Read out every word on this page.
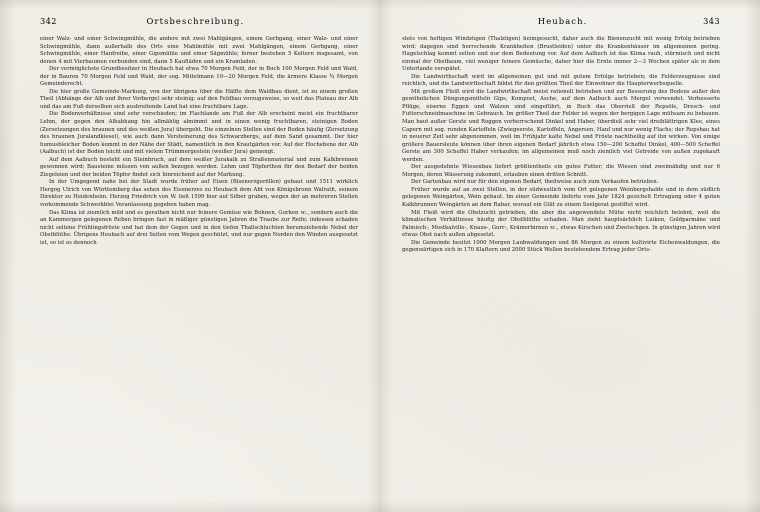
342	Ortsbeschreibung.

einer Walz- und einer Schwingmühle, die andere mit zwei Mahlgängen, einem Gerbgang, einer Walz- und einer Schwingmühle, dann außerhalb des Orts eine Mahlmühle mit zwei Mahlgängen, einem Gerbgang, einer Schwingmühle, einer Hanfreibe, einer Gipsmühle und einer Sägmühle; ferner bestehen 5 Keltern insgesamt, von denen 4 mit Vierbaumen verbunden sind, dann 5 Kaufläden und ein Kramladen.

Der vermöglichste Grundbesitzer in Heubach hat etwa 70 Morgen Feld, der in Buch 100 Morgen Feld und Wald, der in Bauren 70 Morgen Feld und Wald, der sog. Mittelmann 10—20 Morgen Feld, die ärmere Klasse ¾ Morgen Gemeinderecht.

Die hier große Gemeinde-Markung, von der übrigens über die Hälfte dem Waldbau dient, ist zu einem großen Theil (Abhänge der Alb und ihrer Vorberge) sehr steinig; auf den Feldbau vorzugsweise, so weit das Plateau der Alb und das am Fuß derselben sich ausbreitende Land hat eine fruchtbare Lage.

Die Bodenverhältnisse sind sehr verschieden; im Flachlande am Fuß der Alb erscheint meist ein fruchtbarer Lehm, der gegen den Albabhang hin allmählig abnimmt und in einen wenig fruchtbaren, steinigen Boden (Zersetzungen des braunen und des weißen Jura) übergeht. Die einzelnen Stellen sind der Boden häufig (Zersetzung des braunen Juralandkiesel), wie auch dann Versteinerung des Schwarzbergs, auf dem Sand gesammt. Der hier humusbleicher Boden kommt in der Nähe der Städt, namentlich in den Krautgärten vor. Auf der Hochebene der Alb (Aalbuch) ist der Boden leicht und mit vielem Trümmergestein (weißer Jura) gemengt.

Auf dem Aalbuch besteht ein Steinbruch, auf dem weißer Jurakalk zu Straßenmaterial und zum Kalkbrennen gewonnen wird; Bausteine müssen von außen bezogen werden. Lehm und Töpferthon für den Bedarf der beiden Ziegeleien und der beiden Töpfer findet sich hinreichend auf der Markung.

In der Umgegend nahe bei der Stadt wurde früher auf Eisen (Bisenerzgeröllen) gebaut und 1511 wirklich Hergog Ulrich von Württemberg das sehen des Eisenerzes zu Heubach dem Abt von Königsbronn Walrath, seinem Direktor zu Heidenheim. Herzog Friedrich von W. ließ 1599 hier auf Silber graben, wegen der an mehreren Stellen vorkommende Schwerkblei Veranlassung gegeben haben mag.

Das Klima ist ziemlich mild und es gerathen nicht nur feinere Gemüse wie Bohnen, Gurken ꝛc., sondern auch die an Kammergen gelegenen Reben bringen fast in mäßiger günstigen Jahren die Traube zur Reife; indessen schaden nicht seltene Frühlingsfröste und hat dem der Gegen und in den tiefen Thallschluchten herumziehende Nebel der Obstblüthe. Übrigens Heubach auf drei Seiten vom Wegen geschützt, und nur gegen Norden den Winden ausgesetzt ist, so ist es dennoch

Heubach.	343

stets von heftigen Windzügen (Thalzügen) heimgesucht, daher auch die Bienenzucht mit wenig Erfolg betrieben wird; dagegen sind herrschende Krankheiten (Brustleiden) unter die Krankenhäuser im allgemeinen gering. Hagelschlag kommt selten und nur dem Bedeutung vor. Auf dem Aalbuch ist das Klima rauh, stürmisch und nicht einmal der Obstbaum, viel weniger feinere Gemüsche, daher hier die Ernte immer 2—3 Wochen später als in dem Unterlande verspätet.

Die Landwirthschaft wird im allgemeinen gut und mit gutem Erfolge betrieben; die Felderzeugnisse sind reichlich, und die Landwirthschaft bildet für den größten Theil der Einwohner die Haupterwerbsquelle.

Mit großem Fleiß wird die Landwirthschaft meist rationell betrieben und zur Besserung des Bodens außer den gewöhnlichen Düngungsmitteln Gips, Kompost, Asche, auf dem Aalbuch auch Mergel verwendet. Verbesserte Pflüge, eiserne Eggen und Walzen sind eingeführt, in Buch das Oberrieß der Repsöle, Dresch- und Futterschneidmaschine im Gebrauch. Im größer Theil der Felder ist wegen der bergigen Lage mühsam zu bebauen. Man baut außer Gerste und Roggen vorherrschend Dinkel und Haber, überdieß sehr viel dreiblättrigen Klee, eines Capern mit sog. runden Kartoffeln (Zwiegeerste, Kartoffeln, Angersen, Hanf und nur wenig Flachs; der Repsbau hat in neuerer Zeit sehr abgenommen, weil im Frühjahr kalte Nebel und Fröste nachtheilig auf ihn wirken. Von einige größere Bauersleute können über ihren eigenen Bedarf jährlich etwa 150—200 Scheffel Dinkel, 400—500 Scheffel Gerste am 300 Scheffel Haber verkaufen; im allgemeinen muß noch ziemlich viel Getreide von außen zugekauft werden.

Der ausgedehnte Wiesenbau liefert größtentheils ein gutes Futter; die Wiesen sind zweimähdig und nur 6 Morgen, deren Wässerung zukommt, erlauben einen dritten Schnitt.

Der Gartenbau wird nur für den eigenen Bedarf, theilweise auch zum Verkaufen betrieben.

Früher wurde auf an zwei Stellen, in der südwestlich vom Ort gelegenen Weinbergshalde und in dem südlich gelegenen Weingärten, Wein gebaut. Im einer Gemeinde lieferte vom Jahr 1824 gesichelt Ertragung oder 4 guten Kalkbrunnen Weingärten an dem Rabar, worauf ein Gült zu einem Seelgerat gestiftet wird.

Mit Fleiß wird die Obstzucht getrieben, die aber die angewendete Mühe nicht reichlich belohnt, weil die klimatischen Verhältnisse häufig der Obstblüthe schaden. Man zieht hauptsächlich Luiken, Goldparmäne und Palmisch-, Mostkalville-, Knaus-, Gurr-, Krämerbirnen ꝛc., etwas Kirschen und Zwetschgen. In günstigen Jahren wird etwas Obst nach außen abgesetzt.

Die Gemeinde besitzt 1000 Morgen Laubwaldungen und 86 Morgen zu einem kultivirte Eichenwaldungen, die gegenwärtigen sich in 170 Klaftern und 2000 Stück Wellen bestehendem Ertrag jeder Orts-
